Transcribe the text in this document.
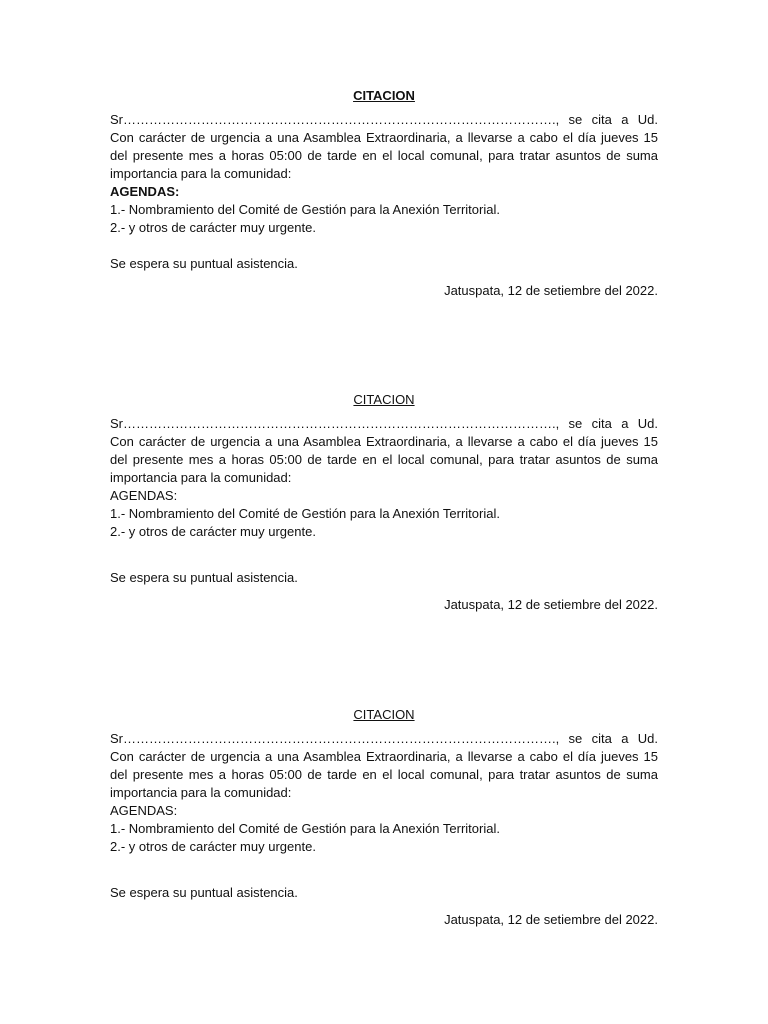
CITACION
Sr………………………………………………………………………………………., se cita a Ud. Con carácter de urgencia a una Asamblea Extraordinaria, a llevarse a cabo el día jueves 15 del presente mes a horas 05:00 de tarde en el local comunal, para tratar asuntos de suma importancia para la comunidad:
AGENDAS:
1.- Nombramiento del Comité de Gestión para la Anexión Territorial.
2.- y otros de carácter muy urgente.
Se espera su puntual asistencia.
Jatuspata, 12 de setiembre del 2022.
CITACION
Sr………………………………………………………………………………………., se cita a Ud. Con carácter de urgencia a una Asamblea Extraordinaria, a llevarse a cabo el día jueves 15 del presente mes a horas 05:00 de tarde en el local comunal, para tratar asuntos de suma importancia para la comunidad:
AGENDAS:
1.- Nombramiento del Comité de Gestión para la Anexión Territorial.
2.- y otros de carácter muy urgente.
Se espera su puntual asistencia.
Jatuspata, 12 de setiembre del 2022.
CITACION
Sr………………………………………………………………………………………., se cita a Ud. Con carácter de urgencia a una Asamblea Extraordinaria, a llevarse a cabo el día jueves 15 del presente mes a horas 05:00 de tarde en el local comunal, para tratar asuntos de suma importancia para la comunidad:
AGENDAS:
1.- Nombramiento del Comité de Gestión para la Anexión Territorial.
2.- y otros de carácter muy urgente.
Se espera su puntual asistencia.
Jatuspata, 12 de setiembre del 2022.
